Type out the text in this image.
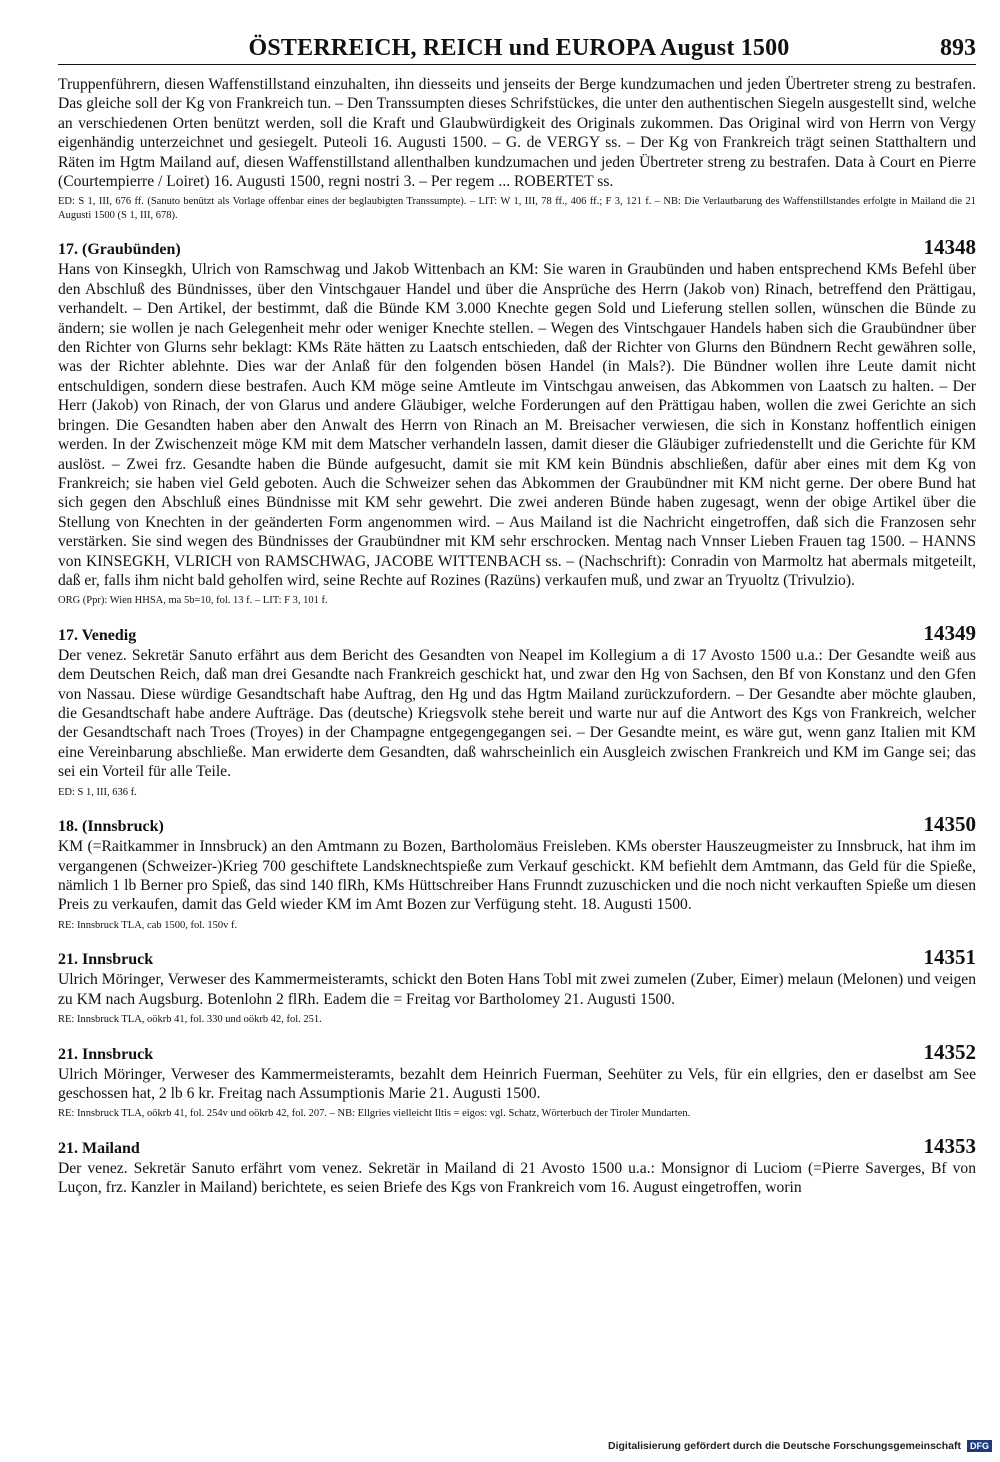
ÖSTERREICH, REICH und EUROPA August 1500	893

Truppenführern, diesen Waffenstillstand einzuhalten, ihn diesseits und jenseits der Berge kundzumachen und jeden Übertreter streng zu bestrafen. Das gleiche soll der Kg von Frankreich tun. – Den Transsumpten dieses Schrifstückes, die unter den authentischen Siegeln ausgestellt sind, welche an verschiedenen Orten benützt werden, soll die Kraft und Glaubwürdigkeit des Originals zukommen. Das Original wird von Herrn von Vergy eigenhändig unterzeichnet und gesiegelt. Puteoli 16. Augusti 1500. – G. de VERGY ss. – Der Kg von Frankreich trägt seinen Statthaltern und Räten im Hgtm Mailand auf, diesen Waffenstillstand allenthalben kundzumachen und jeden Übertreter streng zu bestrafen. Data à Court en Pierre (Courtempierre / Loiret) 16. Augusti 1500, regni nostri 3. – Per regem ... ROBERTET ss.

ED: S 1, III, 676 ff. (Sanuto benützt als Vorlage offenbar eines der beglaubigten Transsumpte). – LIT: W 1, III, 78 ff., 406 ff.; F 3, 121 f. – NB: Die Verlautbarung des Waffenstillstandes erfolgte in Mailand die 21 Augusti 1500 (S 1, III, 678).

17. (Graubünden)	14348

Hans von Kinsegkh, Ulrich von Ramschwag und Jakob Wittenbach an KM: Sie waren in Graubünden und haben entsprechend KMs Befehl über den Abschluß des Bündnisses, über den Vintschgauer Handel und über die Ansprüche des Herrn (Jakob von) Rinach, betreffend den Prättigau, verhandelt. – Den Artikel, der bestimmt, daß die Bünde KM 3.000 Knechte gegen Sold und Lieferung stellen sollen, wünschen die Bünde zu ändern; sie wollen je nach Gelegenheit mehr oder weniger Knechte stellen. – Wegen des Vintschgauer Handels haben sich die Graubündner über den Richter von Glurns sehr beklagt: KMs Räte hätten zu Laatsch entschieden, daß der Richter von Glurns den Bündnern Recht gewähren solle, was der Richter ablehnte. Dies war der Anlaß für den folgenden bösen Handel (in Mals?). Die Bündner wollen ihre Leute damit nicht entschuldigen, sondern diese bestrafen. Auch KM möge seine Amtleute im Vintschgau anweisen, das Abkommen von Laatsch zu halten. – Der Herr (Jakob) von Rinach, der von Glarus und andere Gläubiger, welche Forderungen auf den Prättigau haben, wollen die zwei Gerichte an sich bringen. Die Gesandten haben aber den Anwalt des Herrn von Rinach an M. Breisacher verwiesen, die sich in Konstanz hoffentlich einigen werden. In der Zwischenzeit möge KM mit dem Matscher verhandeln lassen, damit dieser die Gläubiger zufriedenstellt und die Gerichte für KM auslöst. – Zwei frz. Gesandte haben die Bünde aufgesucht, damit sie mit KM kein Bündnis abschließen, dafür aber eines mit dem Kg von Frankreich; sie haben viel Geld geboten. Auch die Schweizer sehen das Abkommen der Graubündner mit KM nicht gerne. Der obere Bund hat sich gegen den Abschluß eines Bündnisse mit KM sehr gewehrt. Die zwei anderen Bünde haben zugesagt, wenn der obige Artikel über die Stellung von Knechten in der geänderten Form angenommen wird. – Aus Mailand ist die Nachricht eingetroffen, daß sich die Franzosen sehr verstärken. Sie sind wegen des Bündnisses der Graubündner mit KM sehr erschrocken. Mentag nach Vnnser Lieben Frauen tag 1500. – HANNS von KINSEGKH, VLRICH von RAMSCHWAG, JACOBE WITTENBACH ss. – (Nachschrift): Conradin von Marmoltz hat abermals mitgeteilt, daß er, falls ihm nicht bald geholfen wird, seine Rechte auf Rozines (Razüns) verkaufen muß, und zwar an Tryuoltz (Trivulzio).

ORG (Ppr): Wien HHSA, ma 5b=10, fol. 13 f. – LIT: F 3, 101 f.

17. Venedig	14349

Der venez. Sekretär Sanuto erfährt aus dem Bericht des Gesandten von Neapel im Kollegium a di 17 Avosto 1500 u.a.: Der Gesandte weiß aus dem Deutschen Reich, daß man drei Gesandte nach Frankreich geschickt hat, und zwar den Hg von Sachsen, den Bf von Konstanz und den Gfen von Nassau. Diese würdige Gesandtschaft habe Auftrag, den Hg und das Hgtm Mailand zurückzufordern. – Der Gesandte aber möchte glauben, die Gesandtschaft habe andere Aufträge. Das (deutsche) Kriegsvolk stehe bereit und warte nur auf die Antwort des Kgs von Frankreich, welcher der Gesandtschaft nach Troes (Troyes) in der Champagne entgegengegangen sei. – Der Gesandte meint, es wäre gut, wenn ganz Italien mit KM eine Vereinbarung abschließe. Man erwiderte dem Gesandten, daß wahrscheinlich ein Ausgleich zwischen Frankreich und KM im Gange sei; das sei ein Vorteil für alle Teile.

ED: S 1, III, 636 f.

18. (Innsbruck)	14350

KM (=Raitkammer in Innsbruck) an den Amtmann zu Bozen, Bartholomäus Freisleben. KMs oberster Hauszeugmeister zu Innsbruck, hat ihm im vergangenen (Schweizer-)Krieg 700 geschiftete Landsknechtspieße zum Verkauf geschickt. KM befiehlt dem Amtmann, das Geld für die Spieße, nämlich 1 lb Berner pro Spieß, das sind 140 flRh, KMs Hüttschreiber Hans Frunndt zuzuschicken und die noch nicht verkauften Spieße um diesen Preis zu verkaufen, damit das Geld wieder KM im Amt Bozen zur Verfügung steht. 18. Augusti 1500.

RE: Innsbruck TLA, cab 1500, fol. 150v f.

21. Innsbruck	14351

Ulrich Möringer, Verweser des Kammermeisteramts, schickt den Boten Hans Tobl mit zwei zumelen (Zuber, Eimer) melaun (Melonen) und veigen zu KM nach Augsburg. Botenlohn 2 flRh. Eadem die = Freitag vor Bartholomey 21. Augusti 1500.

RE: Innsbruck TLA, oökrb 41, fol. 330 und oökrb 42, fol. 251.

21. Innsbruck	14352

Ulrich Möringer, Verweser des Kammermeisteramts, bezahlt dem Heinrich Fuerman, Seehüter zu Vels, für ein ellgries, den er daselbst am See geschossen hat, 2 lb 6 kr. Freitag nach Assumptionis Marie 21. Augusti 1500.

RE: Innsbruck TLA, oökrb 41, fol. 254v und oökrb 42, fol. 207. – NB: Ellgries vielleicht Iltis = eigos: vgl. Schatz, Wörterbuch der Tiroler Mundarten.

21. Mailand	14353

Der venez. Sekretär Sanuto erfährt vom venez. Sekretär in Mailand di 21 Avosto 1500 u.a.: Monsignor di Luciom (=Pierre Saverges, Bf von Luçon, frz. Kanzler in Mailand) berichtete, es seien Briefe des Kgs von Frankreich vom 16. August eingetroffen, worin

Digitalisierung gefördert durch die Deutsche Forschungsgemeinschaft	DFG
